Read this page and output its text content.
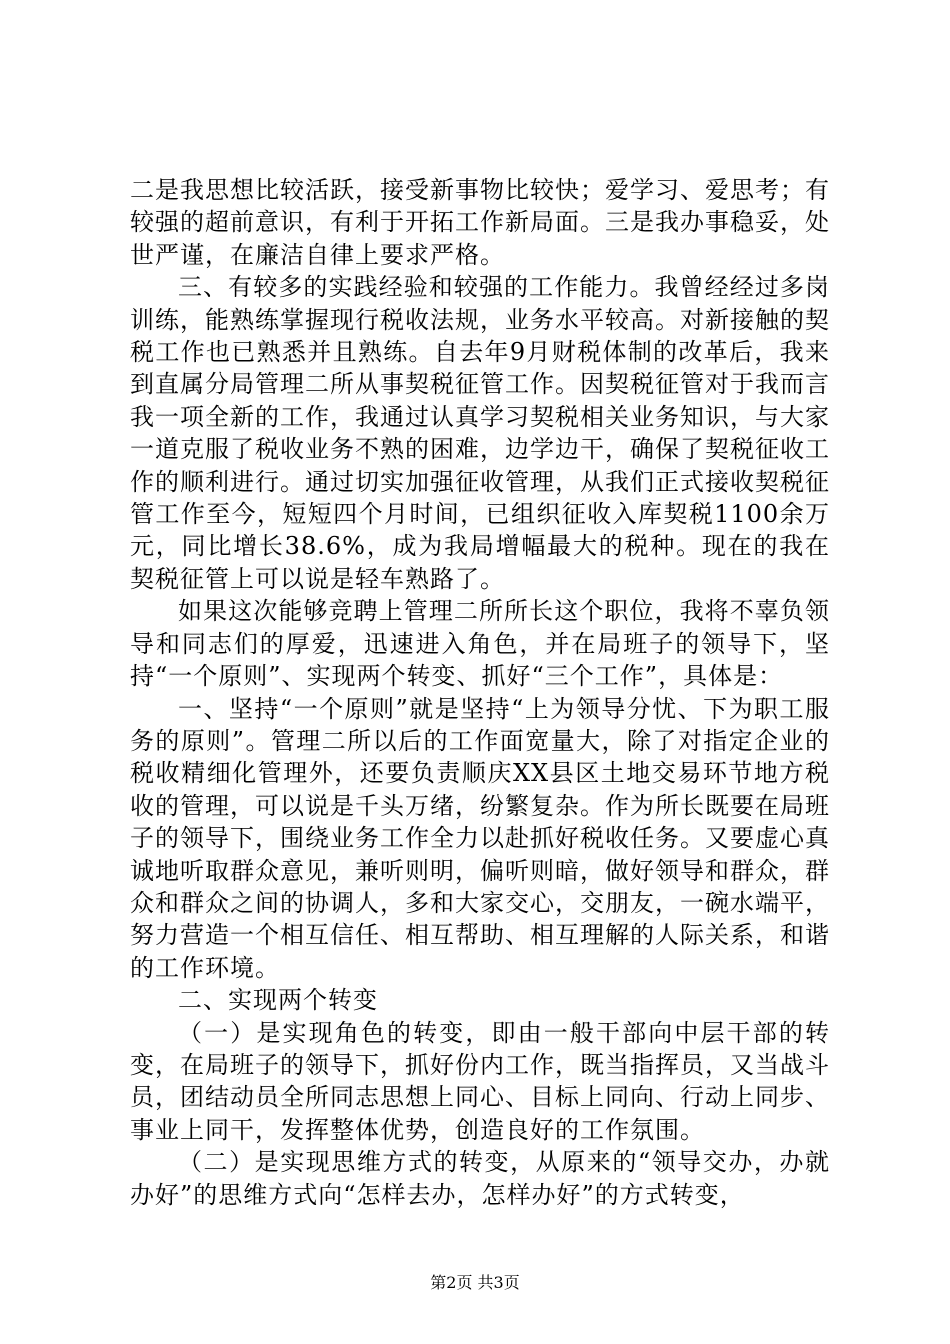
二是我思想比较活跃，接受新事物比较快；爱学习、爱思考；有较强的超前意识，有利于开拓工作新局面。三是我办事稳妥，处世严谨，在廉洁自律上要求严格。

三、有较多的实践经验和较强的工作能力。我曾经经过多岗训练，能熟练掌握现行税收法规，业务水平较高。对新接触的契税工作也已熟悉并且熟练。自去年9月财税体制的改革后，我来到直属分局管理二所从事契税征管工作。因契税征管对于我而言我一项全新的工作，我通过认真学习契税相关业务知识，与大家一道克服了税收业务不熟的困难，边学边干，确保了契税征收工作的顺利进行。通过切实加强征收管理，从我们正式接收契税征管工作至今，短短四个月时间，已组织征收入库契税1100余万元，同比增长38.6%，成为我局增幅最大的税种。现在的我在契税征管上可以说是轻车熟路了。

如果这次能够竞聘上管理二所所长这个职位，我将不辜负领导和同志们的厚爱，迅速进入角色，并在局班子的领导下，坚持“一个原则”、实现两个转变、抓好“三个工作”，具体是：

一、坚持“一个原则”就是坚持“上为领导分忧、下为职工服务的原则”。管理二所以后的工作面宽量大，除了对指定企业的税收精细化管理外，还要负责顺庆XX县区土地交易环节地方税收的管理，可以说是千头万绪，纷繁复杂。作为所长既要在局班子的领导下，围绕业务工作全力以赴抓好税收任务。又要虚心真诚地听取群众意见，兼听则明，偏听则暗，做好领导和群众，群众和群众之间的协调人，多和大家交心，交朋友，一碗水端平，努力营造一个相互信任、相互帮助、相互理解的人际关系，和谐的工作环境。

二、实现两个转变

（一）是实现角色的转变，即由一般干部向中层干部的转变，在局班子的领导下，抓好份内工作，既当指挥员，又当战斗员，团结动员全所同志思想上同心、目标上同向、行动上同步、事业上同干，发挥整体优势，创造良好的工作氛围。

（二）是实现思维方式的转变，从原来的“领导交办，办就办好”的思维方式向“怎样去办，怎样办好”的方式转变，

第2页 共3页
